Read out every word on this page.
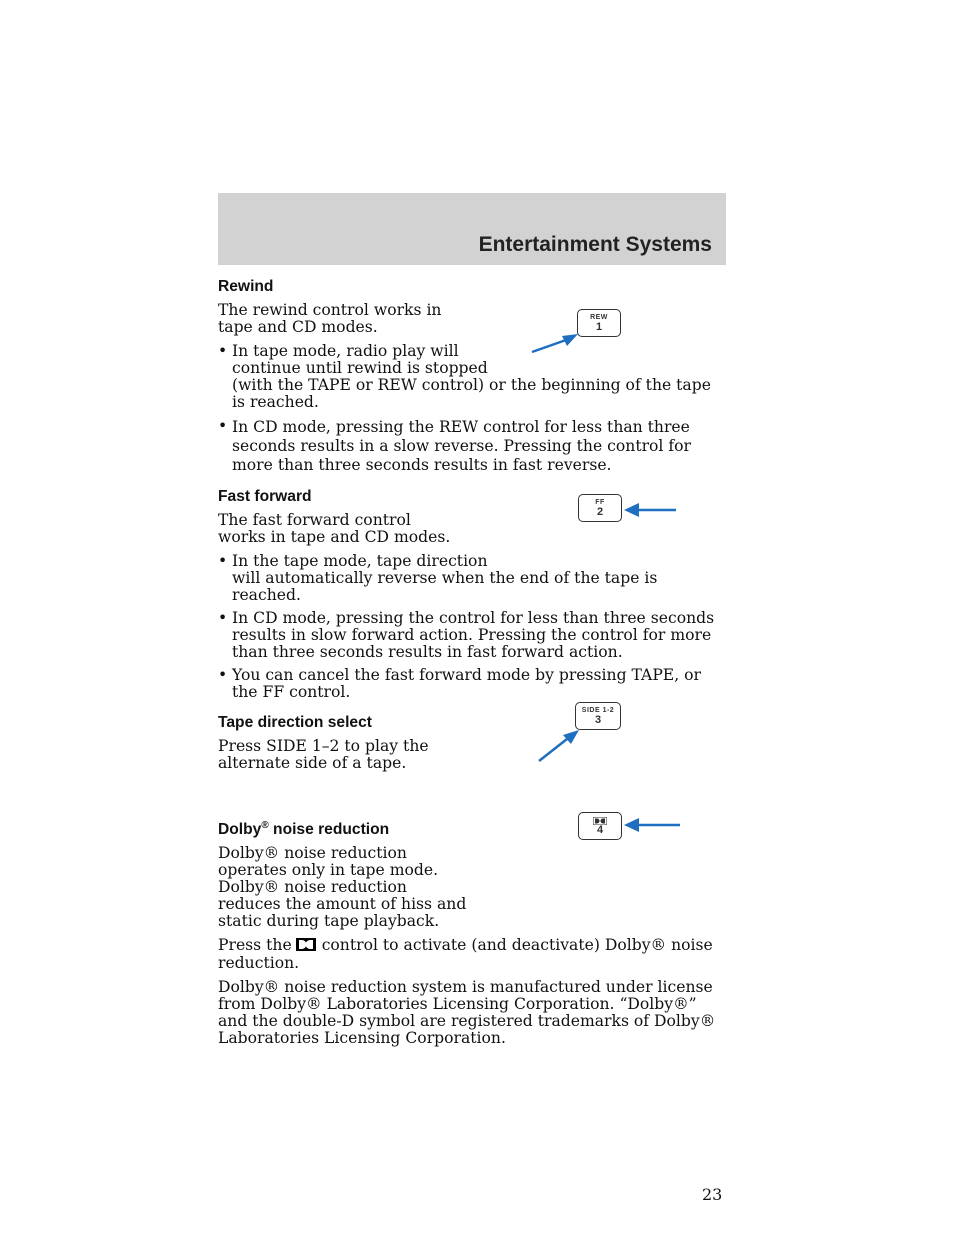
Entertainment Systems
Rewind

The rewind control works in tape and CD modes.

• In tape mode, radio play will
continue until rewind is stopped
(with the TAPE or REW control) or the beginning of the tape is reached.
• In CD mode, pressing the REW control for less than three seconds results in a slow reverse. Pressing the control for more than three seconds results in fast reverse.
Fast forward

The fast forward control works in tape and CD modes.

• In the tape mode, tape direction
will automatically reverse when the end of the tape is reached.
• In CD mode, pressing the control for less than three seconds results in slow forward action. Pressing the control for more than three seconds results in fast forward action.
• You can cancel the fast forward mode by pressing TAPE, or the FF control.
Tape direction select

Press SIDE 1–2 to play the alternate side of a tape.

Dolby® noise reduction

Dolby® noise reduction operates only in tape mode. Dolby® noise reduction reduces the amount of hiss and static during tape playback.

Press the control to activate (and deactivate) Dolby® noise reduction.

Dolby® noise reduction system is manufactured under license from Dolby® Laboratories Licensing Corporation. “Dolby®” and the double-D symbol are registered trademarks of Dolby® Laboratories Licensing Corporation.

REW
1
FF
2
SIDE 1-2
3
4
23
